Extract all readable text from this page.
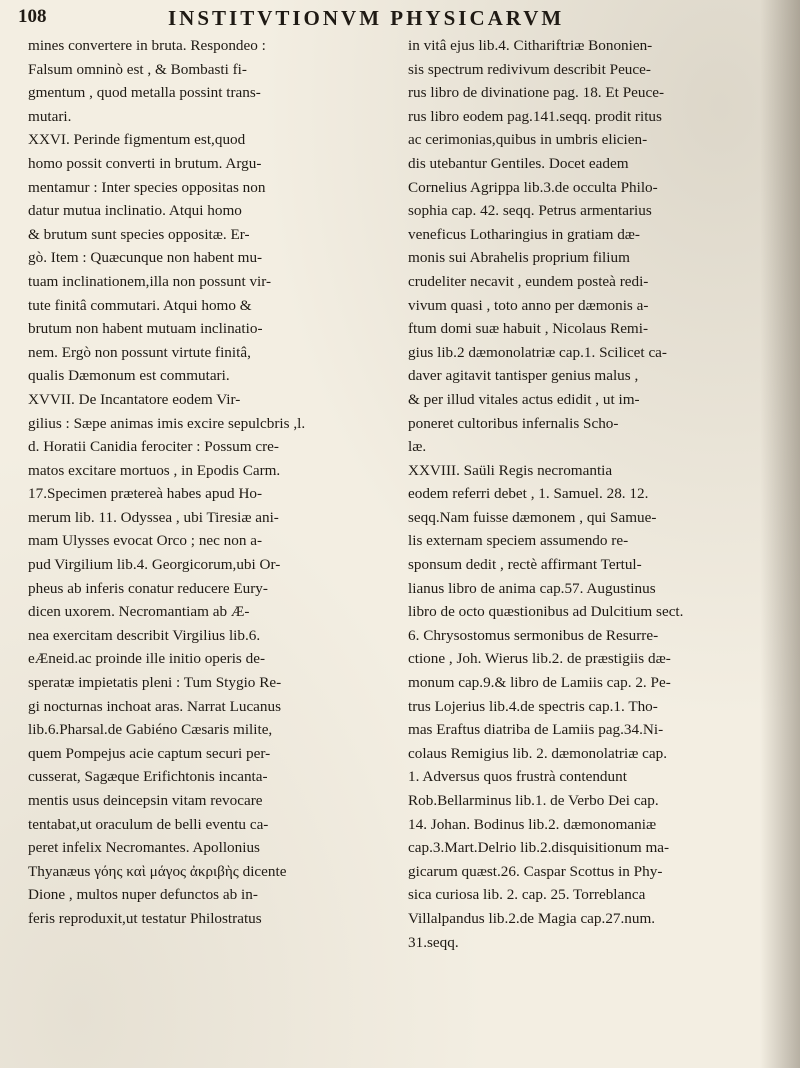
108	INSTITVTIONVM PHYSICARVM
mines convertere in bruta. Respondeo :
Falsum omninò est , & Bombasti fi-
gmentum , quod metalla possint trans-
mutari.
XXVI. Perinde figmentum est,quod
homo possit converti in brutum. Argu-
mentamur : Inter species oppositas non
datur mutua inclinatio. Atqui homo
& brutum sunt species oppositæ. Er-
gò. Item : Quæcunque non habent mu-
tuam inclinationem,illa non possunt vir-
tute finitâ commutari. Atqui homo &
brutum non habent mutuam inclinatio-
nem. Ergò non possunt virtute finitâ,
qualis Dæmonum est commutari.
XVVII. De Incantatore eodem Vir-
gilius : Sæpe animas imis excire sepulcbris ,l.
d. Horatii Canidia ferociter : Possum cre-
matos excitare mortuos , in Epodis Carm.
17.Specimen prætereà habes apud Ho-
merum lib. 11. Odyssea , ubi Tiresiæ ani-
mam Ulysses evocat Orco ; nec non a-
pud Virgilium lib.4. Georgicorum,ubi Or-
pheus ab inferis conatur reducere Eury-
dicen uxorem. Necromantiam ab Æ-
nea exercitam describit Virgilius lib.6.
eÆneid.ac proinde ille initio operis de-
speratæ impietatis pleni : Tum Stygio Re-
gi nocturnas inchoat aras. Narrat Lucanus
lib.6.Pharsal.de Gabiéno Cæsaris milite,
quem Pompejus acie captum securi per-
cusserat, Sagæque Erifichtonis incanta-
mentis usus deincepsin vitam revocare
tentabat,ut oraculum de belli eventu ca-
peret infelix Necromantes. Apollonius
Thyanæus γόης καὶ μάγος ἀκριβὴς dicente
Dione , multos nuper defunctos ab in-
feris reproduxit,ut testatur Philostratus
in vitâ ejus lib.4. Cithariftriæ Bononien-
sis spectrum redivivum describit Peuce-
rus libro de divinatione pag. 18. Et Peuce-
rus libro eodem pag.141.seqq. prodit ritus
ac cerimonias,quibus in umbris elicien-
dis utebantur Gentiles. Docet eadem
Cornelius Agrippa lib.3.de occulta Philo-
sophia cap. 42. seqq. Petrus armentarius
veneficus Lotharingius in gratiam dæ-
monis sui Abrahelis proprium filium
crudeliter necavit , eundem posteà redi-
vivum quasi , toto anno per dæmonis a-
ftum domi suæ habuit , Nicolaus Remi-
gius lib.2 dæmonolatriæ cap.1. Scilicet ca-
daver agitavit tantisper genius malus ,
& per illud vitales actus edidit , ut im-
poneret cultoribus infernalis Scho-
læ.
XXVIII. Saüli Regis necromantia
eodem referri debet , 1. Samuel. 28. 12.
seqq.Nam fuisse dæmonem , qui Samue-
lis externam speciem assumendo re-
sponsum dedit , rectè affirmant Tertul-
lianus libro de anima cap.57. Augustinus
libro de octo quæstionibus ad Dulcitium sect.
6. Chrysostomus sermonibus de Resurre-
ctione , Joh. Wierus lib.2. de præstigiis dæ-
monum cap.9.& libro de Lamiis cap. 2. Pe-
trus Lojerius lib.4.de spectris cap.1. Tho-
mas Eraftus diatriba de Lamiis pag.34.Ni-
colaus Remigius lib. 2. dæmonolatriæ cap.
1. Adversus quos frustrà contendunt
Rob.Bellarminus lib.1. de Verbo Dei cap.
14. Johan. Bodinus lib.2. dæmonomaniæ
cap.3.Mart.Delrio lib.2.disquisitionum ma-
gicarum quæst.26. Caspar Scottus in Phy-
sica curiosa lib. 2. cap. 25. Torreblanca
Villalpandus lib.2.de Magia cap.27.num.
31.seqq.
